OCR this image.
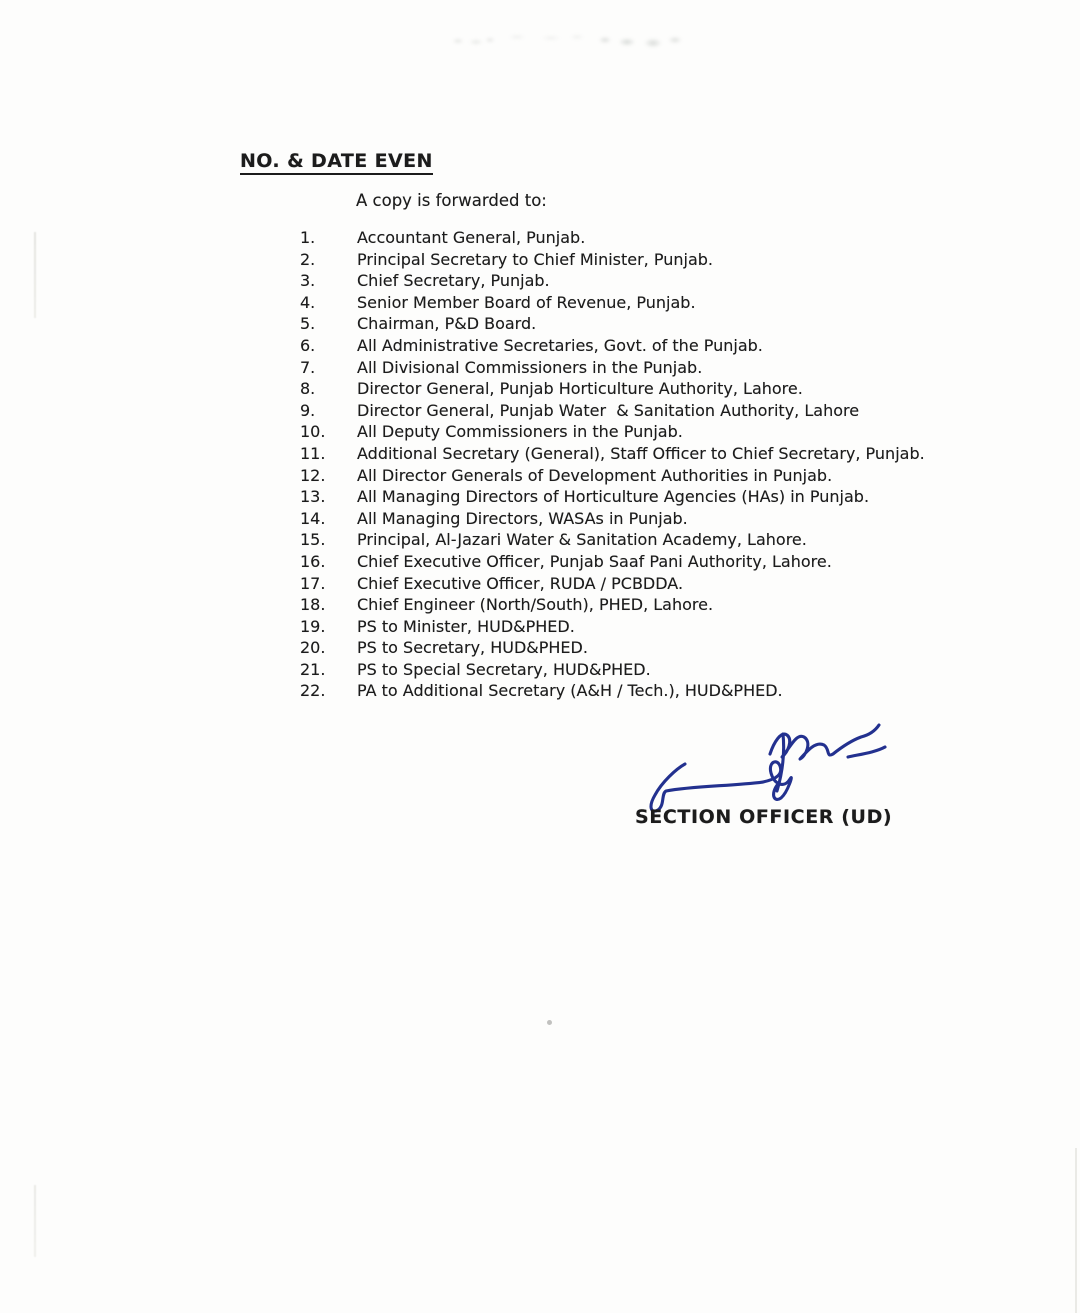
NO. & DATE EVEN

A copy is forwarded to:

1.	Accountant General, Punjab.
2.	Principal Secretary to Chief Minister, Punjab.
3.	Chief Secretary, Punjab.
4.	Senior Member Board of Revenue, Punjab.
5.	Chairman, P&D Board.
6.	All Administrative Secretaries, Govt. of the Punjab.
7.	All Divisional Commissioners in the Punjab.
8.	Director General, Punjab Horticulture Authority, Lahore.
9.	Director General, Punjab Water  & Sanitation Authority, Lahore
10.	All Deputy Commissioners in the Punjab.
11.	Additional Secretary (General), Staff Officer to Chief Secretary, Punjab.
12.	All Director Generals of Development Authorities in Punjab.
13.	All Managing Directors of Horticulture Agencies (HAs) in Punjab.
14.	All Managing Directors, WASAs in Punjab.
15.	Principal, Al-Jazari Water & Sanitation Academy, Lahore.
16.	Chief Executive Officer, Punjab Saaf Pani Authority, Lahore.
17.	Chief Executive Officer, RUDA / PCBDDA.
18.	Chief Engineer (North/South), PHED, Lahore.
19.	PS to Minister, HUD&PHED.
20.	PS to Secretary, HUD&PHED.
21.	PS to Special Secretary, HUD&PHED.
22.	PA to Additional Secretary (A&H / Tech.), HUD&PHED.
SECTION OFFICER (UD)
